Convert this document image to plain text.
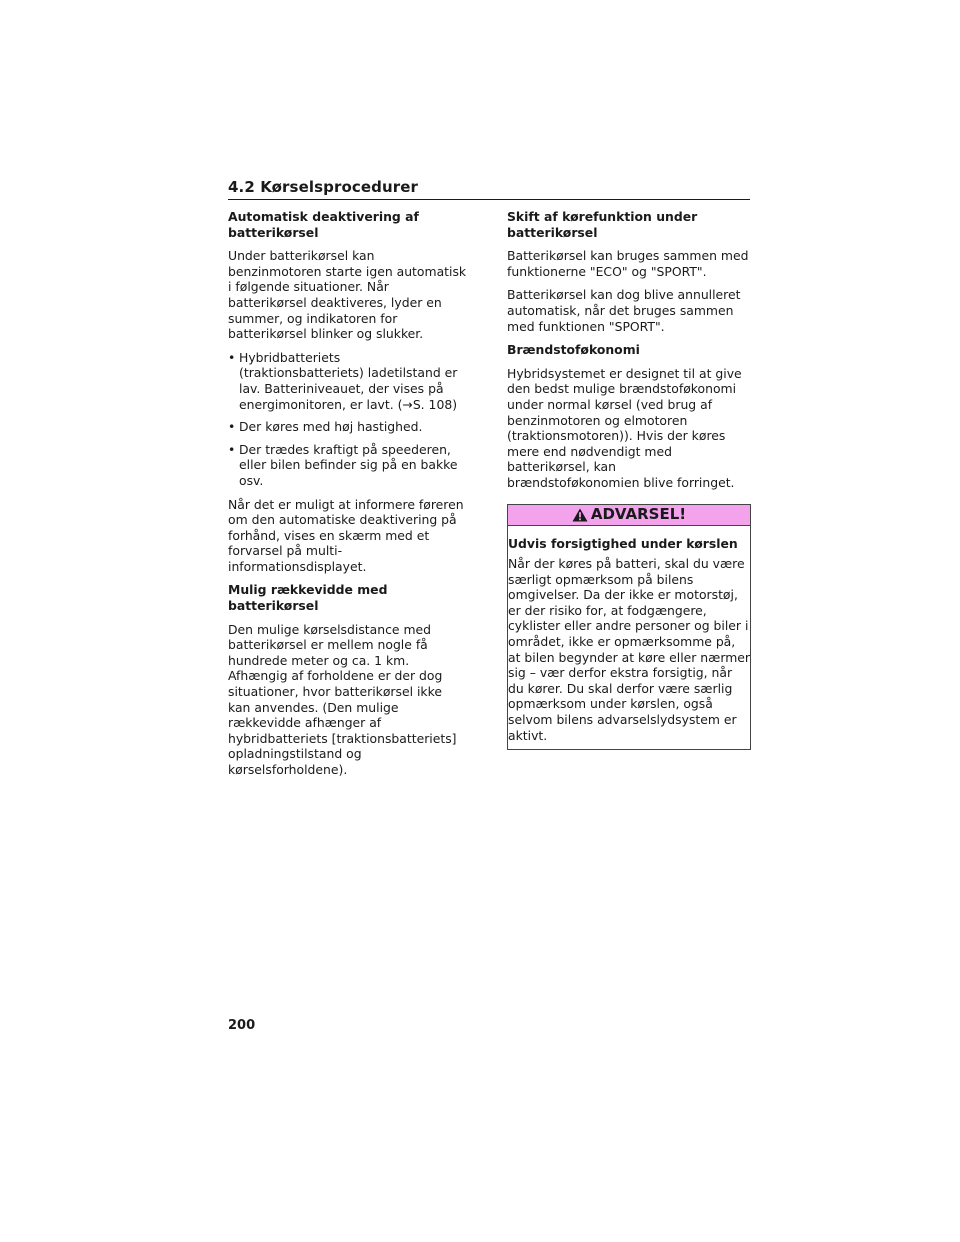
4.2 Kørselsprocedurer
Automatisk deaktivering af batterikørsel

Under batterikørsel kan benzinmotoren starte igen automatisk i følgende situationer. Når batterikørsel deaktiveres, lyder en summer, og indikatoren for batterikørsel blinker og slukker.

• Hybridbatteriets (traktionsbatteriets) ladetilstand er lav. Batteriniveauet, der vises på energimonitoren, er lavt. (→S. 108)
• Der køres med høj hastighed.
• Der trædes kraftigt på speederen, eller bilen befinder sig på en bakke osv.

Når det er muligt at informere føreren om den automatiske deaktivering på forhånd, vises en skærm med et forvarsel på multi-informationsdisplayet.

Mulig rækkevidde med batterikørsel

Den mulige kørselsdistance med batterikørsel er mellem nogle få hundrede meter og ca. 1 km. Afhængig af forholdene er der dog situationer, hvor batterikørsel ikke kan anvendes. (Den mulige rækkevidde afhænger af hybridbatteriets [traktionsbatteriets] opladningstilstand og kørselsforholdene).

Skift af kørefunktion under batterikørsel

Batterikørsel kan bruges sammen med funktionerne "ECO" og "SPORT".

Batterikørsel kan dog blive annulleret automatisk, når det bruges sammen med funktionen "SPORT".

Brændstoføkonomi

Hybridsystemet er designet til at give den bedst mulige brændstoføkonomi under normal kørsel (ved brug af benzinmotoren og elmotoren (traktionsmotoren)). Hvis der køres mere end nødvendigt med batterikørsel, kan brændstoføkonomien blive forringet.

ADVARSEL!
Udvis forsigtighed under kørslen

Når der køres på batteri, skal du være særligt opmærksom på bilens omgivelser. Da der ikke er motorstøj, er der risiko for, at fodgængere, cyklister eller andre personer og biler i området, ikke er opmærksomme på, at bilen begynder at køre eller nærmer sig – vær derfor ekstra forsigtig, når du kører. Du skal derfor være særlig opmærksom under kørslen, også selvom bilens advarselslydsystem er aktivt.

200
